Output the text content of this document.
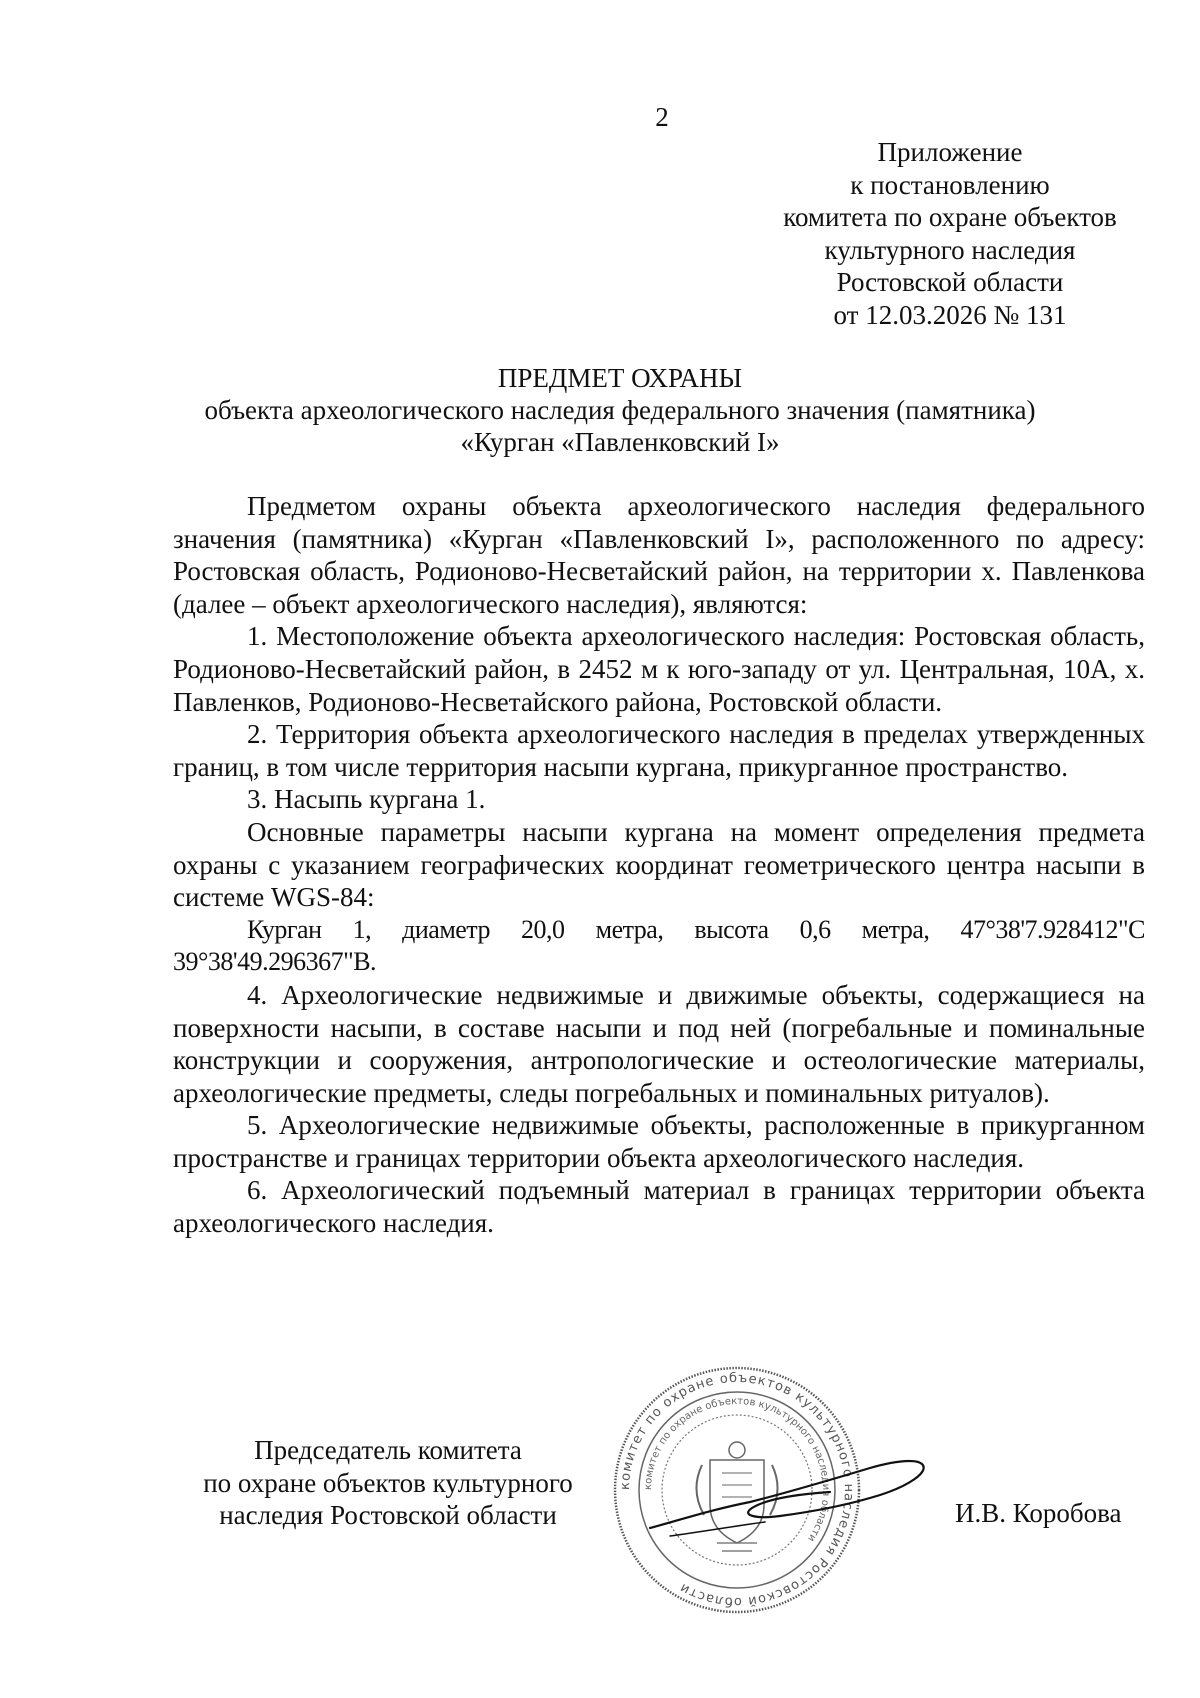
2
Приложение
к постановлению
комитета по охране объектов
культурного наследия
Ростовской области
от 12.03.2026 № 131
ПРЕДМЕТ ОХРАНЫ
объекта археологического наследия федерального значения (памятника)
«Курган «Павленковский I»

Предметом охраны объекта археологического наследия федерального значения (памятника) «Курган «Павленковский I», расположенного по адресу: Ростовская область, Родионово-Несветайский район, на территории х. Павленкова (далее – объект археологического наследия), являются:

1. Местоположение объекта археологического наследия: Ростовская область, Родионово-Несветайский район, в 2452 м к юго-западу от ул. Центральная, 10А, х. Павленков, Родионово-Несветайского района, Ростовской области.

2. Территория объекта археологического наследия в пределах утвержденных границ, в том числе территория насыпи кургана, прикурганное пространство.

3. Насыпь кургана 1.

Основные параметры насыпи кургана на момент определения предмета охраны с указанием географических координат геометрического центра насыпи в системе WGS-84:

Курган 1, диаметр 20,0 метра, высота 0,6 метра, 47°38'7.928412"С 39°38'49.296367"В.

4. Археологические недвижимые и движимые объекты, содержащиеся на поверхности насыпи, в составе насыпи и под ней (погребальные и поминальные конструкции и сооружения, антропологические и остеологические материалы, археологические предметы, следы погребальных и поминальных ритуалов).

5. Археологические недвижимые объекты, расположенные в прикурганном пространстве и границах территории объекта археологического наследия.

6. Археологический подъемный материал в границах территории объекта археологического наследия.

Председатель комитета
по охране объектов культурного
наследия Ростовской области
комитет по охране объектов культурного наследия Ростовской области
комитет по охране объектов культурного наследия области
И.В. Коробова
